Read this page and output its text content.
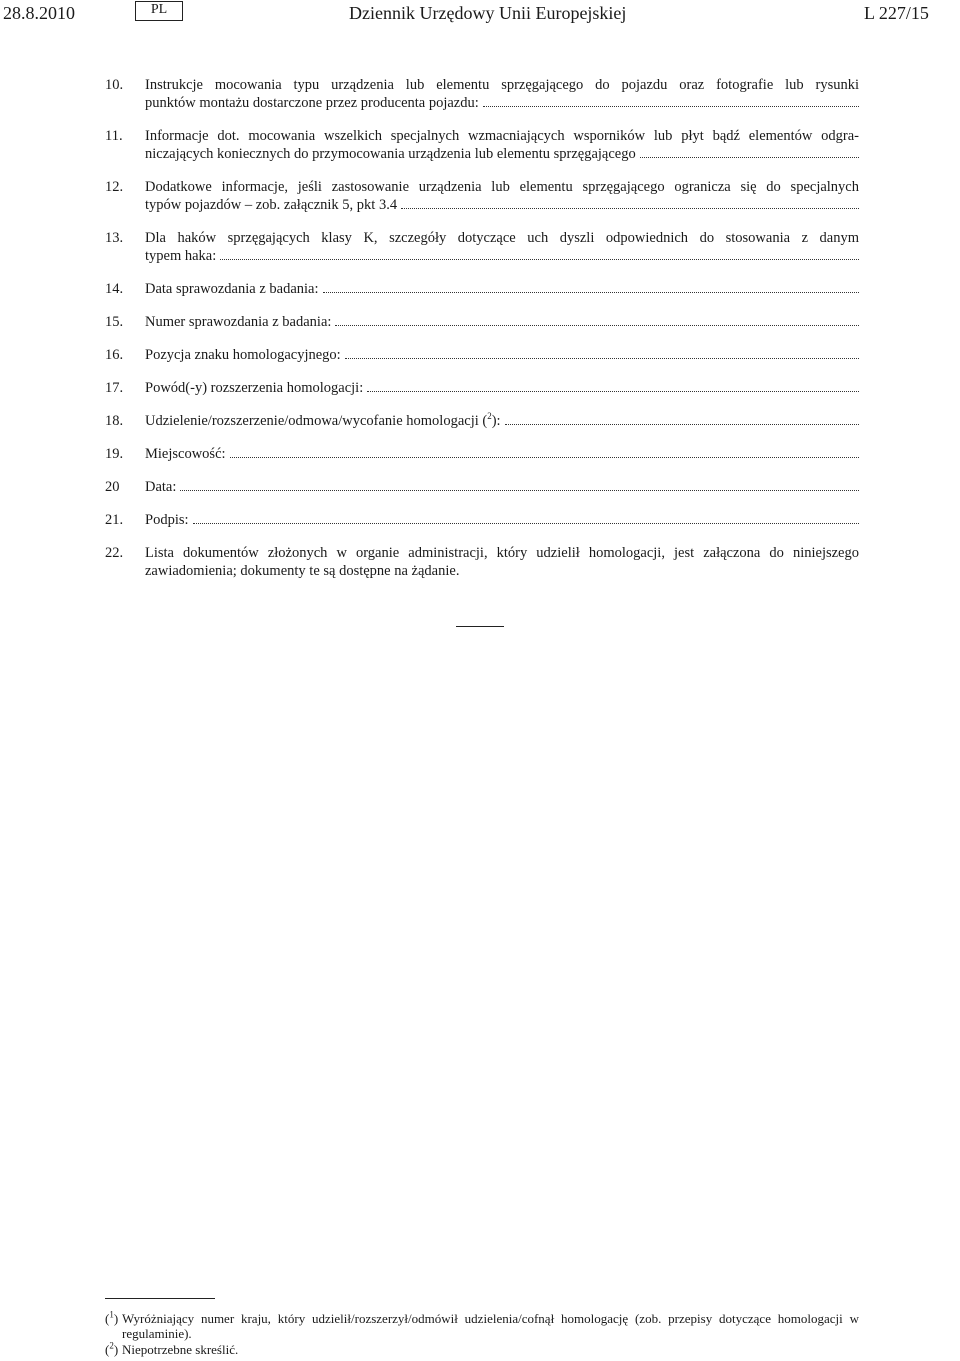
28.8.2010	PL	Dziennik Urzędowy Unii Europejskiej	L 227/15
10.	Instrukcje mocowania typu urządzenia lub elementu sprzęgającego do pojazdu oraz fotografie lub rysunki
punktów montażu dostarczone przez producenta pojazdu:
11.	Informacje dot. mocowania wszelkich specjalnych wzmacniających wsporników lub płyt bądź elementów odgra-
niczających koniecznych do przymocowania urządzenia lub elementu sprzęgającego
12.	Dodatkowe informacje, jeśli zastosowanie urządzenia lub elementu sprzęgającego ogranicza się do specjalnych
typów pojazdów – zob. załącznik 5, pkt 3.4
13.	Dla haków sprzęgających klasy K, szczegóły dotyczące uch dyszli odpowiednich do stosowania z danym
typem haka:
14.	Data sprawozdania z badania:
15.	Numer sprawozdania z badania:
16.	Pozycja znaku homologacyjnego:
17.	Powód(-y) rozszerzenia homologacji:
18.	Udzielenie/rozszerzenie/odmowa/wycofanie homologacji ($^2$):
19.	Miejscowość:
20	Data:
21.	Podpis:
22.	Lista dokumentów złożonych w organie administracji, który udzielił homologacji, jest załączona do niniejszego zawiadomienia; dokumenty te są dostępne na żądanie.
($^1$) Wyróżniający numer kraju, który udzielił/rozszerzył/odmówił udzielenia/cofnął homologację (zob. przepisy dotyczące homologacji w regulaminie).
($^2$) Niepotrzebne skreślić.
